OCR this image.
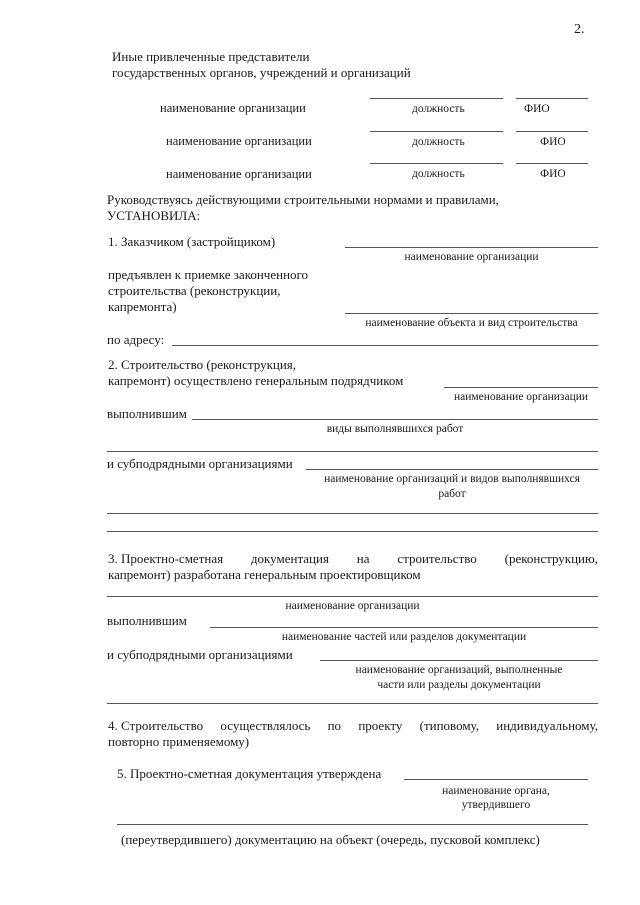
2.
Иные привлеченные представители
государственных органов, учреждений и организаций
наименование организации	должность	ФИО
наименование организации	должность	ФИО
наименование организации	должность	ФИО
Руководствуясь действующими строительными нормами и правилами,
УСТАНОВИЛА:
1. Заказчиком (застройщиком)
наименование организации
предъявлен к приемке законченного
строительства (реконструкции,
капремонта)
наименование объекта и вид строительства
по адресу:
2. Строительство (реконструкция,
капремонт) осуществлено генеральным подрядчиком
наименование организации
выполнившим
виды выполнявшихся работ
и субподрядными организациями
наименование организаций и видов выполнявшихся
работ
3. Проектно-сметная документация на строительство (реконструкцию,
капремонт) разработана генеральным проектировщиком
наименование организации
выполнившим
наименование частей или разделов документации
и субподрядными организациями
наименование организаций, выполненные
части или разделы документации
4. Строительство осуществлялось по проекту (типовому, индивидуальному,
повторно применяемому)
5. Проектно-сметная документация утверждена
наименование органа,
утвердившего
(переутвердившего) документацию на объект (очередь, пусковой комплекс)
